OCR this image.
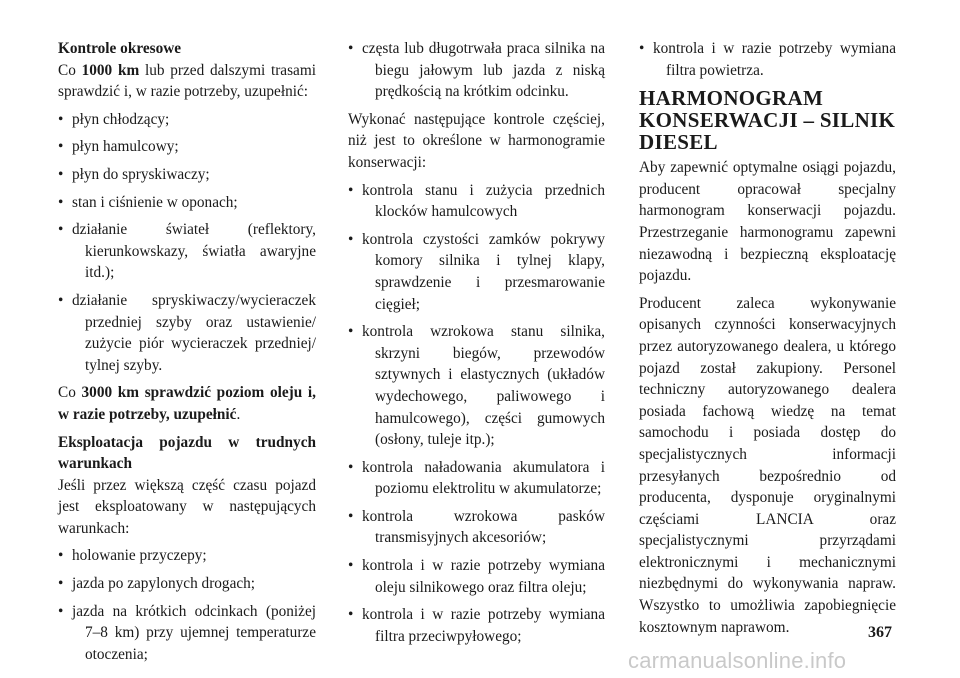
Kontrole okresowe

Co 1000 km lub przed dalszymi trasami sprawdzić i, w razie potrzeby, uzupełnić:

• płyn chłodzący;
• płyn hamulcowy;
• płyn do spryskiwaczy;
• stan i ciśnienie w oponach;
• działanie świateł (reflektory, kierunkowskazy, światła awaryjne itd.);
• działanie spryskiwaczy/wycieraczek przedniej szyby oraz ustawienie/ zużycie piór wycieraczek przedniej/ tylnej szyby.

Co 3000 km sprawdzić poziom oleju i, w razie potrzeby, uzupełnić.

Eksploatacja pojazdu w trudnych warunkach

Jeśli przez większą część czasu pojazd jest eksploatowany w następujących warunkach:

• holowanie przyczepy;
• jazda po zapylonych drogach;
• jazda na krótkich odcinkach (poniżej 7–8 km) przy ujemnej temperaturze otoczenia;
• częsta lub długotrwała praca silnika na biegu jałowym lub jazda z niską prędkością na krótkim odcinku.

Wykonać następujące kontrole częściej, niż jest to określone w harmonogramie konserwacji:

• kontrola stanu i zużycia przednich klocków hamulcowych
• kontrola czystości zamków pokrywy komory silnika i tylnej klapy, sprawdzenie i przesmarowanie cięgieł;
• kontrola wzrokowa stanu silnika, skrzyni biegów, przewodów sztywnych i elastycznych (układów wydechowego, paliwowego i hamulcowego), części gumowych (osłony, tuleje itp.);
• kontrola naładowania akumulatora i poziomu elektrolitu w akumulatorze;
• kontrola wzrokowa pasków transmisyjnych akcesoriów;
• kontrola i w razie potrzeby wymiana oleju silnikowego oraz filtra oleju;
• kontrola i w razie potrzeby wymiana filtra przeciwpyłowego;
• kontrola i w razie potrzeby wymiana filtra powietrza.
HARMONOGRAM
KONSERWACJI – SILNIK
DIESEL

Aby zapewnić optymalne osiągi pojazdu, producent opracował specjalny harmonogram konserwacji pojazdu. Przestrzeganie harmonogramu zapewni niezawodną i bezpieczną eksploatację pojazdu.

Producent zaleca wykonywanie opisanych czynności konserwacyjnych przez autoryzowanego dealera, u którego pojazd został zakupiony. Personel techniczny autoryzowanego dealera posiada fachową wiedzę na temat samochodu i posiada dostęp do specjalistycznych informacji przesyłanych bezpośrednio od producenta, dysponuje oryginalnymi częściami LANCIA oraz specjalistycznymi przyrządami elektronicznymi i mechanicznymi niezbędnymi do wykonywania napraw. Wszystko to umożliwia zapobiegnięcie kosztownym naprawom.	367
carmanualsonline.info
